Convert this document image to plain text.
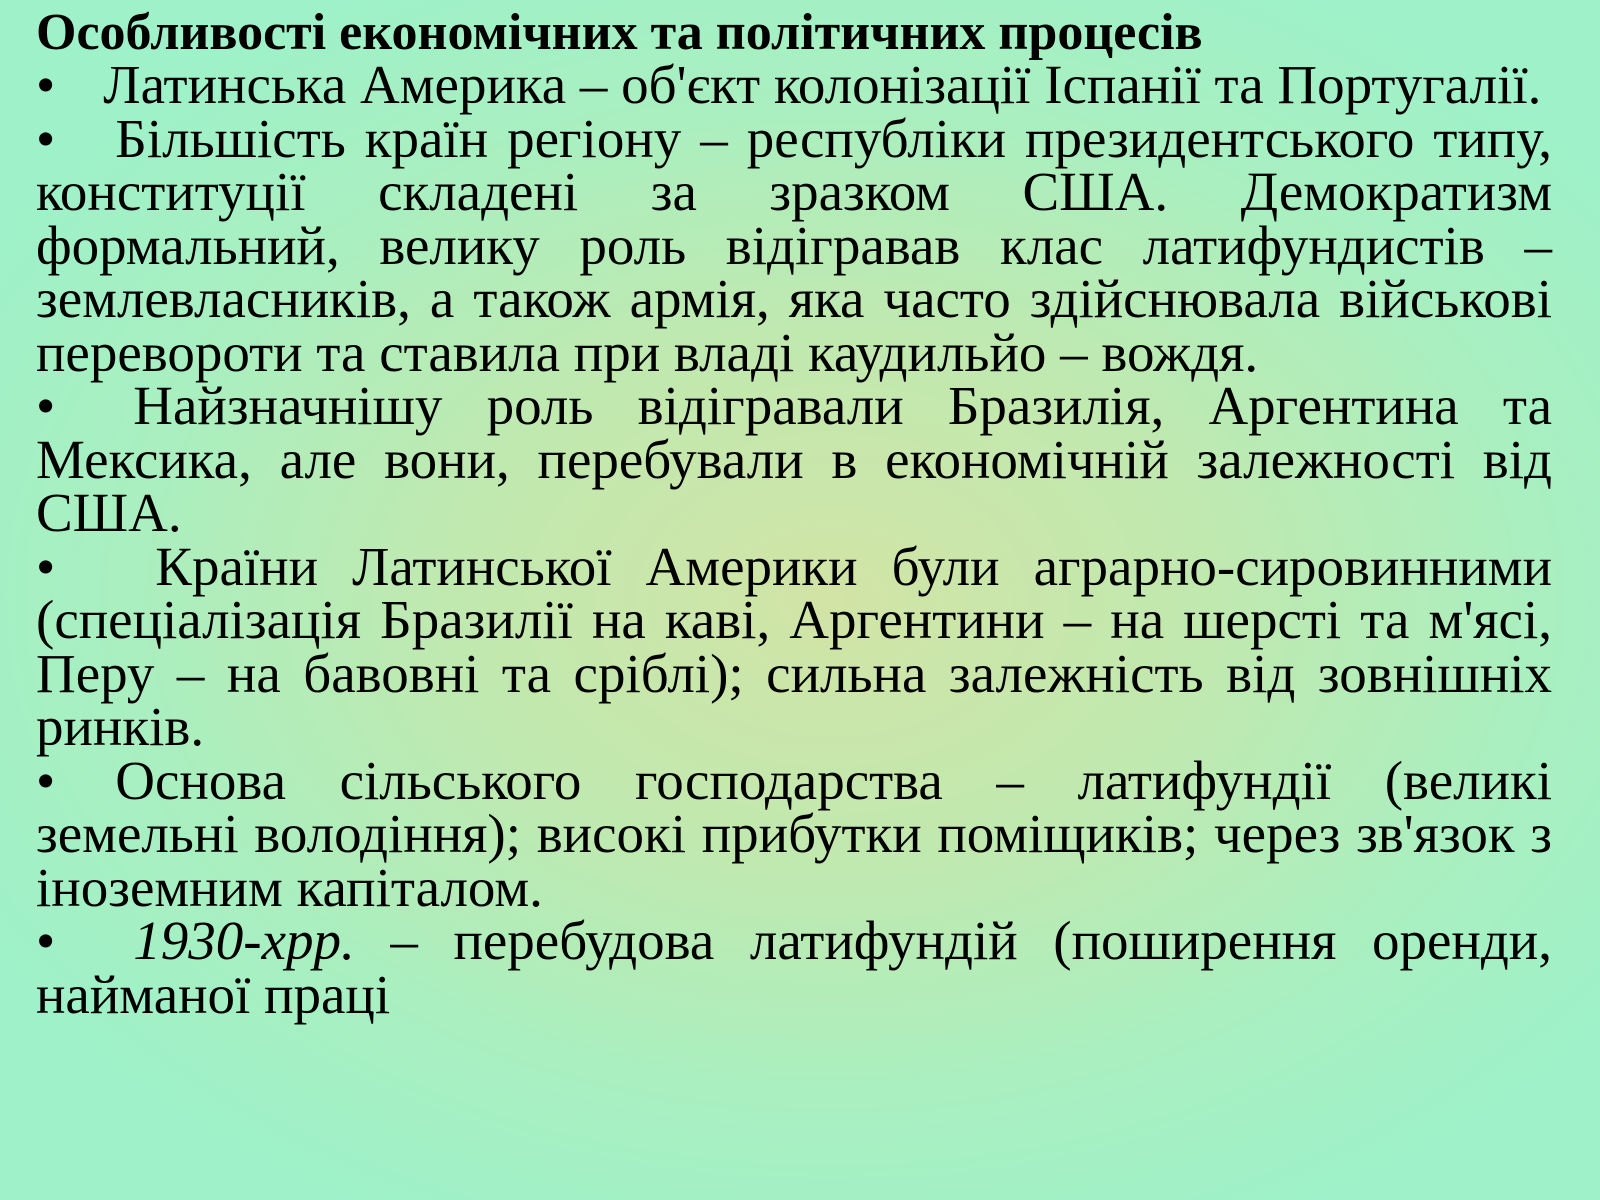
Особливості економічних та політичних процесів

• Латинська Америка – об'єкт колонізації Іспанії та Португалії.

• Більшість країн регіону – республіки президентського типу, конституції складені за зразком США. Демократизм формальний, велику роль відігравав клас латифундистів – землевласників, а також армія, яка часто здійснювала військові перевороти та ставила при владі каудильйо – вождя.

• Найзначнішу роль відігравали Бразилія, Аргентина та Мексика, але вони, перебували в економічній залежності від США.

• Країни Латинської Америки були аграрно-сировинними (спеціалізація Бразилії на каві, Аргентини – на шерсті та м'ясі, Перу – на бавовні та сріблі); сильна залежність від зовнішніх ринків.

• Основа сільського господарства – латифундії (великі земельні володіння); високі прибутки поміщиків; через зв'язок з іноземним капіталом.

• 1930-хрр. – перебудова латифундій (поширення оренди, найманої праці
